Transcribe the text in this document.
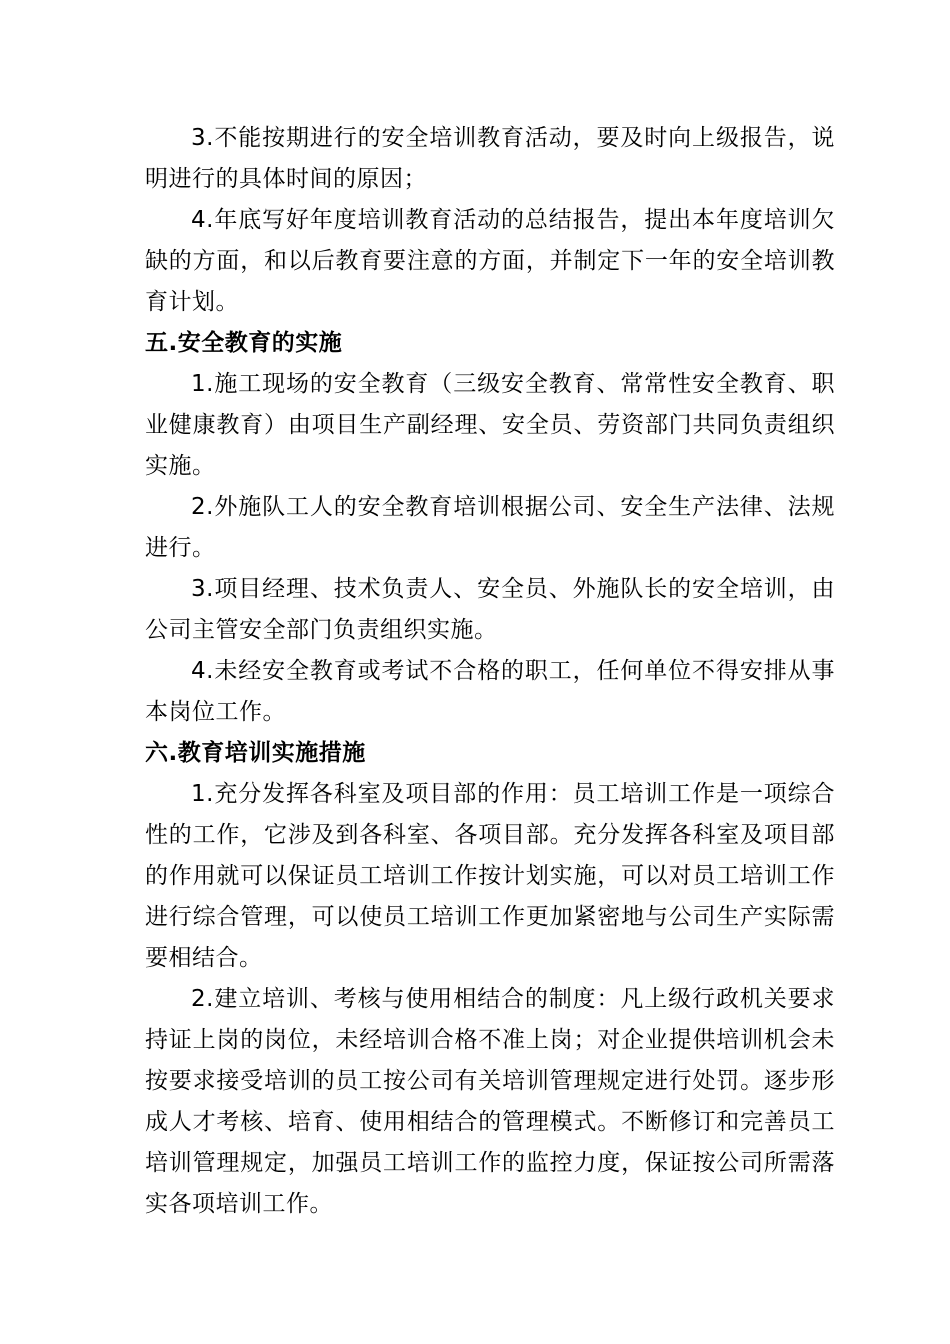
3.不能按期进行的安全培训教育活动，要及时向上级报告，说明进行的具体时间的原因；

4.年底写好年度培训教育活动的总结报告，提出本年度培训欠缺的方面，和以后教育要注意的方面，并制定下一年的安全培训教育计划。

五.安全教育的实施

1.施工现场的安全教育（三级安全教育、常常性安全教育、职业健康教育）由项目生产副经理、安全员、劳资部门共同负责组织实施。

2.外施队工人的安全教育培训根据公司、安全生产法律、法规进行。

3.项目经理、技术负责人、安全员、外施队长的安全培训，由公司主管安全部门负责组织实施。

4.未经安全教育或考试不合格的职工，任何单位不得安排从事本岗位工作。

六.教育培训实施措施

1.充分发挥各科室及项目部的作用：员工培训工作是一项综合性的工作，它涉及到各科室、各项目部。充分发挥各科室及项目部的作用就可以保证员工培训工作按计划实施，可以对员工培训工作进行综合管理，可以使员工培训工作更加紧密地与公司生产实际需要相结合。

2.建立培训、考核与使用相结合的制度：凡上级行政机关要求持证上岗的岗位，未经培训合格不准上岗；对企业提供培训机会未按要求接受培训的员工按公司有关培训管理规定进行处罚。逐步形成人才考核、培育、使用相结合的管理模式。不断修订和完善员工培训管理规定，加强员工培训工作的监控力度，保证按公司所需落实各项培训工作。
